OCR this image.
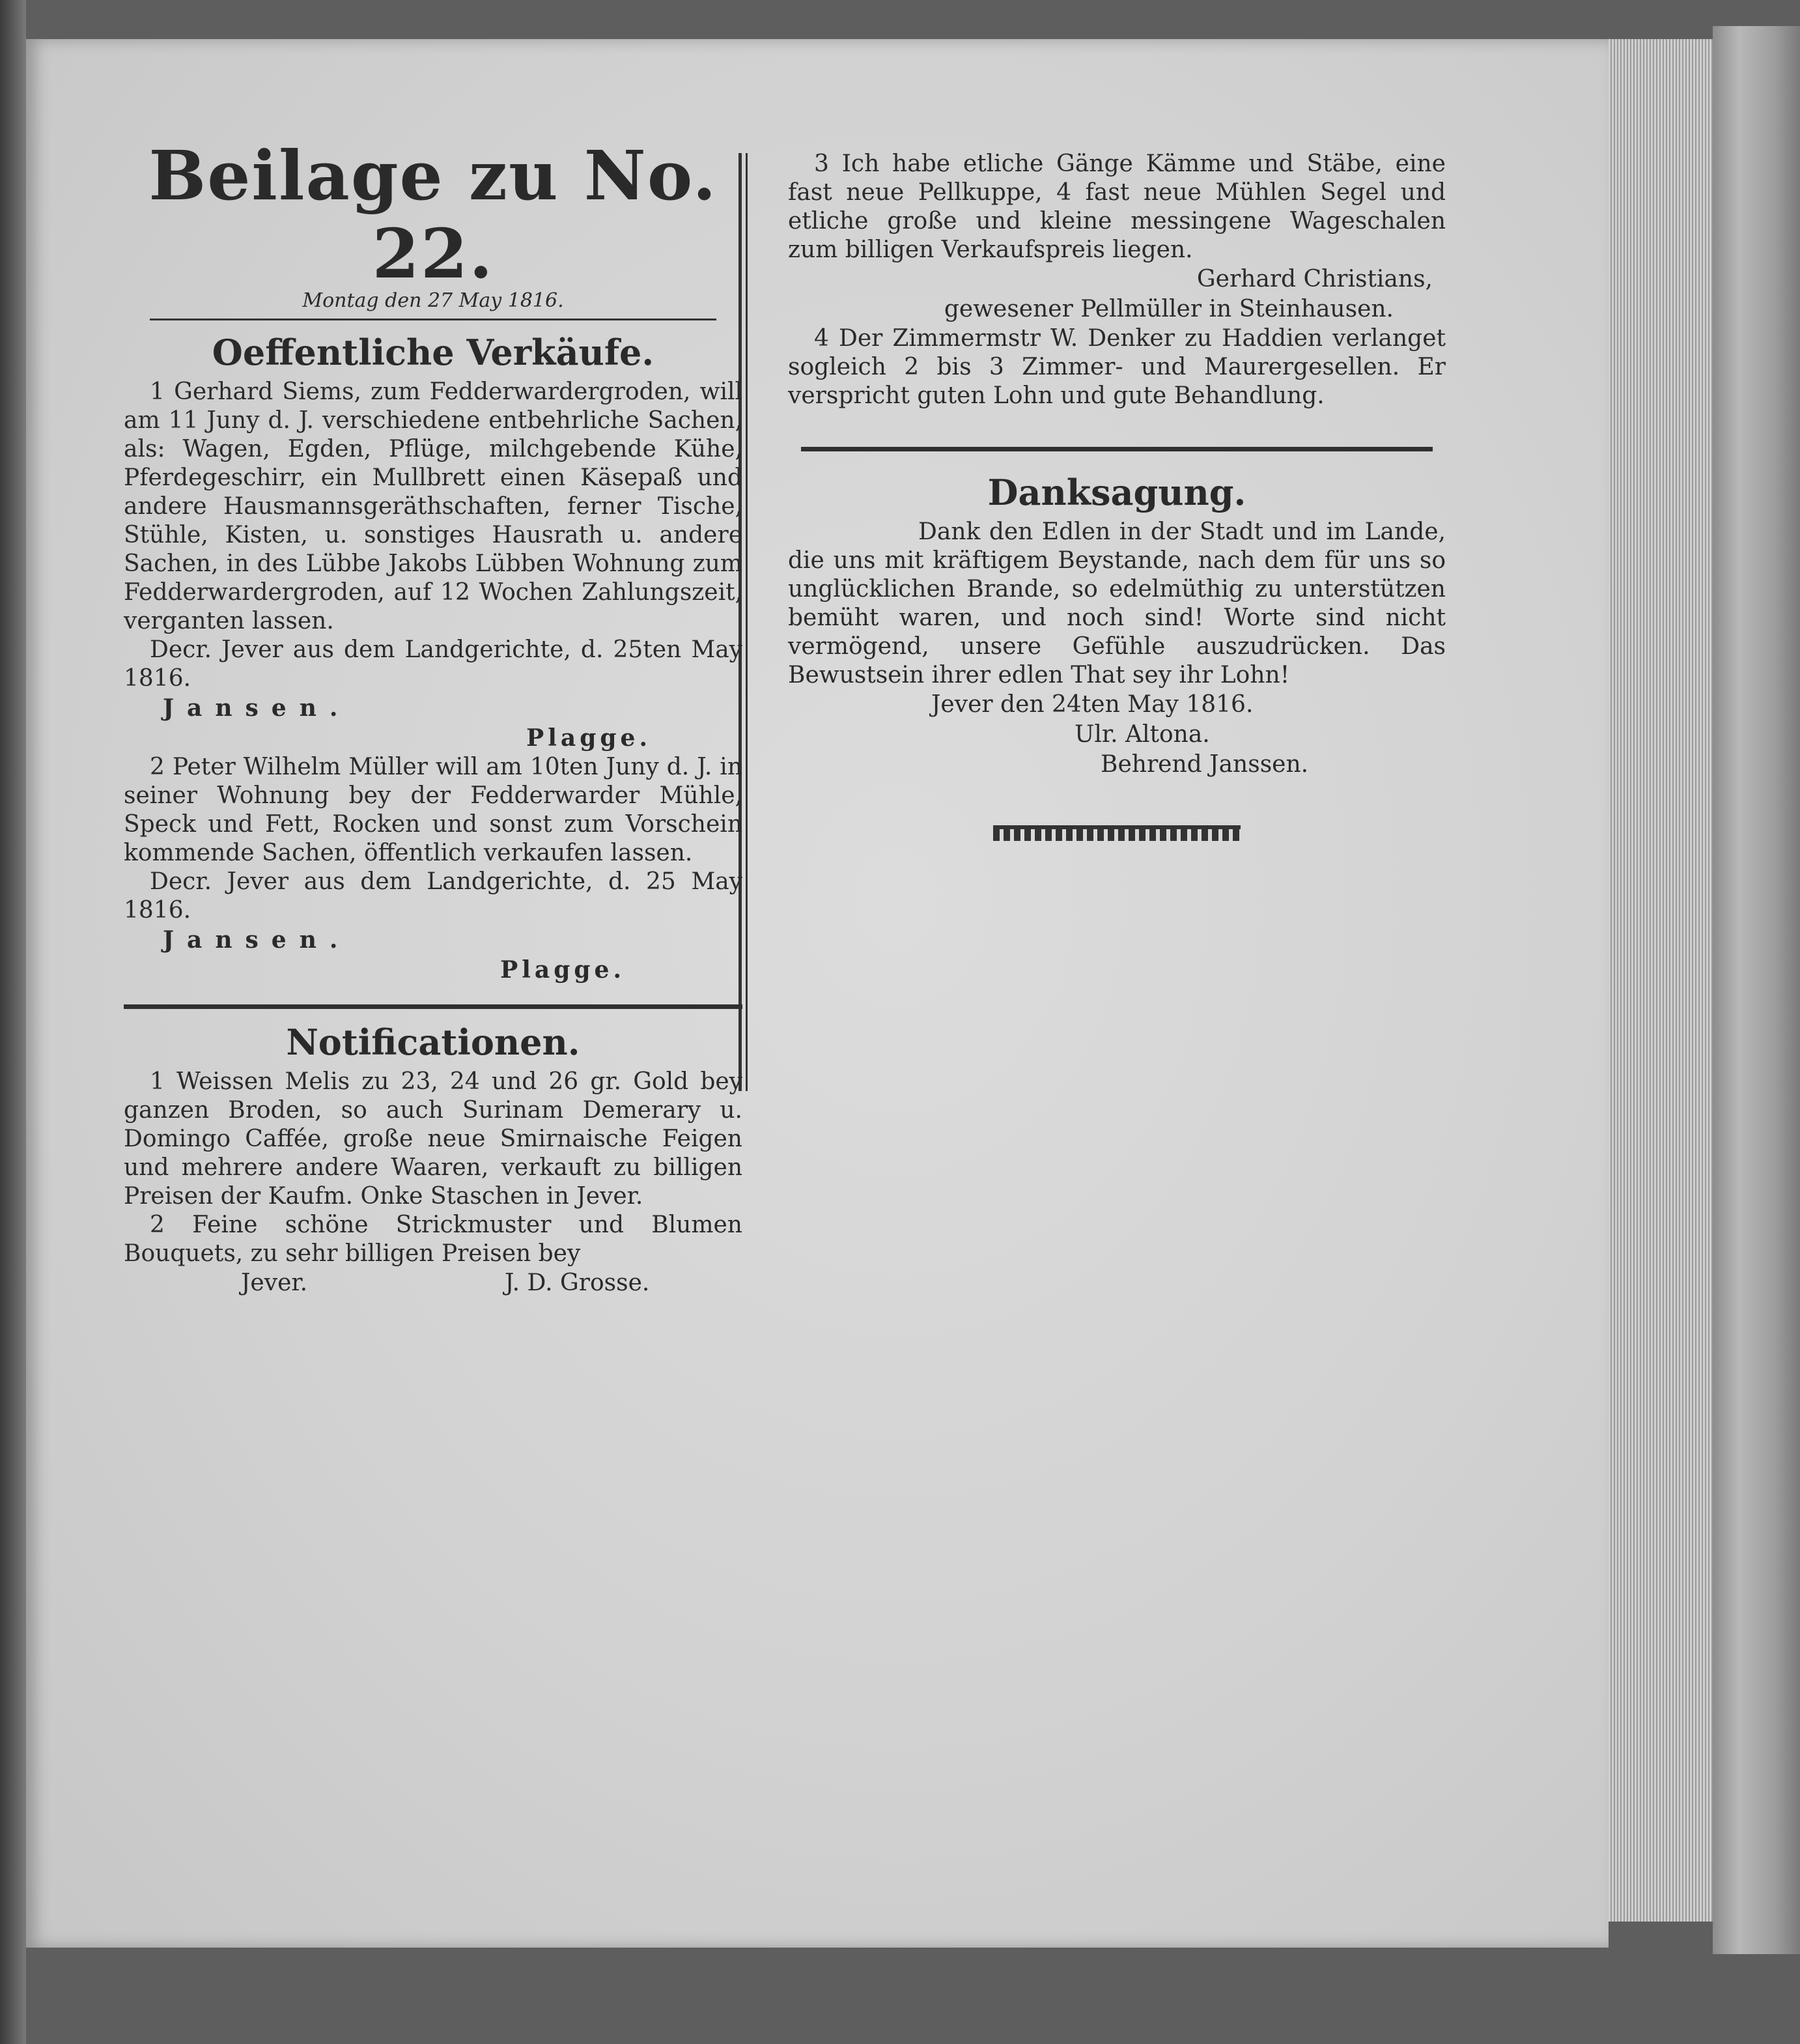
Beilage zu No. 22.
Montag den 27 May 1816.
Oeffentliche Verkäufe.

1 Gerhard Siems, zum Fedderwardergroden, will am 11 Juny d. J. verschiedene entbehrliche Sachen, als: Wagen, Egden, Pflüge, milchgebende Kühe, Pferdegeschirr, ein Mullbrett einen Käsepaß und andere Hausmannsgeräthschaften, ferner Tische, Stühle, Kisten, u. sonstiges Hausrath u. andere Sachen, in des Lübbe Jakobs Lübben Wohnung zum Fedderwardergroden, auf 12 Wochen Zahlungszeit, verganten lassen.

Decr. Jever aus dem Landgerichte, d. 25ten May 1816.

Jansen.

Plagge.

2 Peter Wilhelm Müller will am 10ten Juny d. J. in seiner Wohnung bey der Fedderwarder Mühle, Speck und Fett, Rocken und sonst zum Vorschein kommende Sachen, öffentlich verkaufen lassen.

Decr. Jever aus dem Landgerichte, d. 25 May 1816.

Jansen.

Plagge.

Notificationen.

1 Weissen Melis zu 23, 24 und 26 gr. Gold bey ganzen Broden, so auch Surinam Demerary u. Domingo Caffée, große neue Smirnaische Feigen und mehrere andere Waaren, verkauft zu billigen Preisen der Kaufm. Onke Staschen in Jever.

2 Feine schöne Strickmuster und Blumen Bouquets, zu sehr billigen Preisen bey

Jever.	J. D. Grosse.

3 Ich habe etliche Gänge Kämme und Stäbe, eine fast neue Pellkuppe, 4 fast neue Mühlen Segel und etliche große und kleine messingene Wageschalen zum billigen Verkaufspreis liegen.

Gerhard Christians,

gewesener Pellmüller in Steinhausen.

4 Der Zimmermstr W. Denker zu Haddien verlanget sogleich 2 bis 3 Zimmer- und Maurergesellen. Er verspricht guten Lohn und gute Behandlung.

Danksagung.

Dank den Edlen in der Stadt und im Lande, die uns mit kräftigem Beystande, nach dem für uns so unglücklichen Brande, so edelmüthig zu unterstützen bemüht waren, und noch sind! Worte sind nicht vermögend, unsere Gefühle auszudrücken. Das Bewustsein ihrer edlen That sey ihr Lohn!

Jever den 24ten May 1816.

Ulr. Altona.

Behrend Janssen.
